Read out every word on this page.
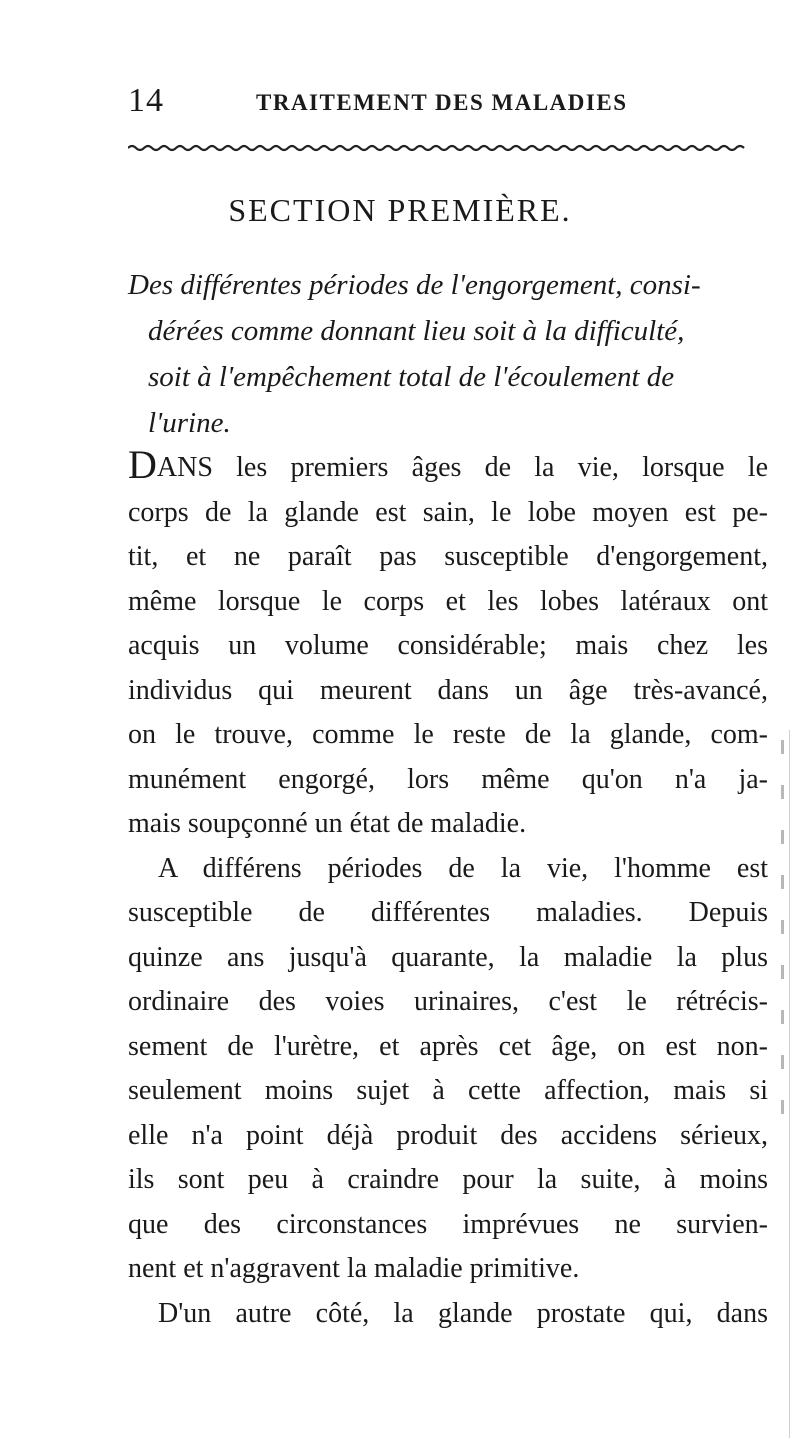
14	TRAITEMENT DES MALADIES
SECTION PREMIÈRE.
Des différentes périodes de l'engorgement, consi-
dérées comme donnant lieu soit à la difficulté,
soit à l'empêchement total de l'écoulement de
l'urine.
DANS les premiers âges de la vie, lorsque le
corps de la glande est sain, le lobe moyen est pe-
tit, et ne paraît pas susceptible d'engorgement,
même lorsque le corps et les lobes latéraux ont
acquis un volume considérable; mais chez les
individus qui meurent dans un âge très-avancé,
on le trouve, comme le reste de la glande, com-
munément engorgé, lors même qu'on n'a ja-
mais soupçonné un état de maladie.
A différens périodes de la vie, l'homme est
susceptible de différentes maladies. Depuis
quinze ans jusqu'à quarante, la maladie la plus
ordinaire des voies urinaires, c'est le rétrécis-
sement de l'urètre, et après cet âge, on est non-
seulement moins sujet à cette affection, mais si
elle n'a point déjà produit des accidens sérieux,
ils sont peu à craindre pour la suite, à moins
que des circonstances imprévues ne survien-
nent et n'aggravent la maladie primitive.
D'un autre côté, la glande prostate qui, dans
